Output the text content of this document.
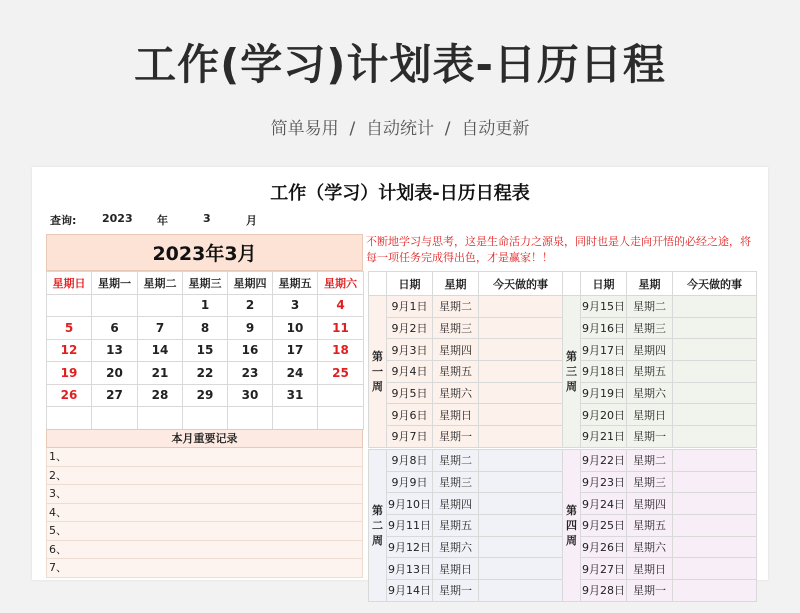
工作(学习)计划表-日历日程
简单易用  /  自动统计  /  自动更新
工作（学习）计划表-日历日程表
查询: 2023 年	3	月
2023年3月
星期日	星期一	星期二	星期三	星期四	星期五	星期六
			1	2	3	4
5	6	7	8	9	10	11
12	13	14	15	16	17	18
19	20	21	22	23	24	25
26	27	28	29	30	31	

本月重要记录
1、
2、
3、
4、
5、
6、
7、
不断地学习与思考，这是生命活力之源泉，同时也是人走向开悟的必经之途，将每一项任务完成得出色，才是赢家！！
	日期	星期	今天做的事
第
一
周	9月1日	星期二	
	9月2日	星期三	
	9月3日	星期四	
	9月4日	星期五	
	9月5日	星期六	
	9月6日	星期日	
	9月7日	星期一	
第
二
周	9月8日	星期二	
	9月9日	星期三	
	9月10日	星期四	
	9月11日	星期五	
	9月12日	星期六	
	9月13日	星期日	
	9月14日	星期一	
	日期	星期	今天做的事
第
三
周	9月15日	星期二	
	9月16日	星期三	
	9月17日	星期四	
	9月18日	星期五	
	9月19日	星期六	
	9月20日	星期日	
	9月21日	星期一	
第
四
周	9月22日	星期二	
	9月23日	星期三	
	9月24日	星期四	
	9月25日	星期五	
	9月26日	星期六	
	9月27日	星期日	
	9月28日	星期一	
